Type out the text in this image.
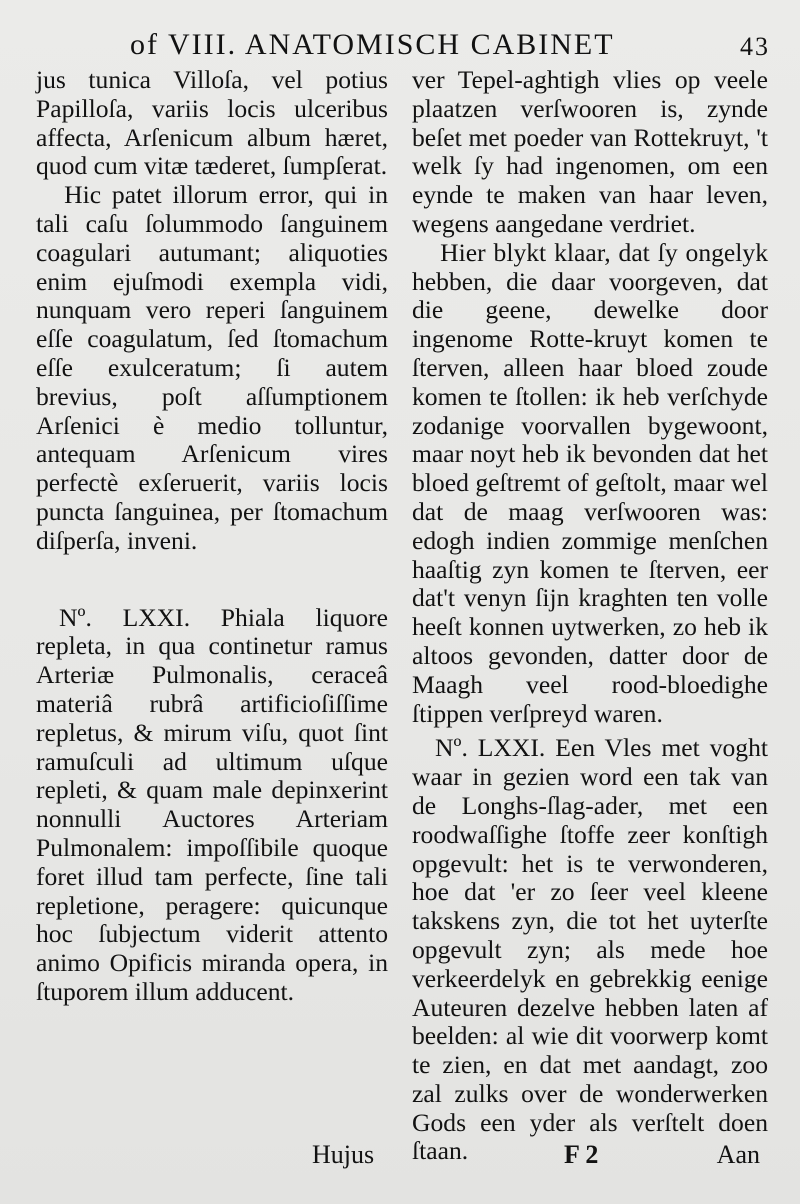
of VIII. ANATOMISCH CABINET	43

jus tunica Villoſa, vel potius Papilloſa, variis locis ulceribus affecta, Arſenicum album hæret, quod cum vitæ tæderet, ſumpſerat.

Hic patet illorum error, qui in tali caſu ſolummodo ſanguinem coagulari autumant; aliquoties enim ejuſmodi exempla vidi, nunquam vero reperi ſanguinem eſſe coagulatum, ſed ſtomachum eſſe exulceratum; ſi autem brevius, poſt aſſumptionem Arſenici è medio tolluntur, antequam Arſenicum vires perfectè exſeruerit, variis locis puncta ſanguinea, per ſtomachum diſperſa, inveni.

Nº. LXXI. Phiala liquore repleta, in qua continetur ramus Arteriæ Pulmonalis, ceraceâ materiâ rubrâ artificioſiſſime repletus, & mirum viſu, quot ſint ramuſculi ad ultimum uſque repleti, & quam male depinxerint nonnulli Auctores Arteriam Pulmonalem: impoſſibile quoque foret illud tam perfecte, ſine tali repletione, peragere: quicunque hoc ſubjectum viderit attento animo Opificis miranda opera, in ſtuporem illum adducent.

ver Tepel-aghtigh vlies op veele plaatzen verſwooren is, zynde beſet met poeder van Rottekruyt, 't welk ſy had ingenomen, om een eynde te maken van haar leven, wegens aangedane verdriet.

Hier blykt klaar, dat ſy ongelyk hebben, die daar voorgeven, dat die geene, dewelke door ingenome Rotte-kruyt komen te ſterven, alleen haar bloed zoude komen te ſtollen: ik heb verſchyde zodanige voorvallen bygewoont, maar noyt heb ik bevonden dat het bloed geſtremt of geſtolt, maar wel dat de maag verſwooren was: edogh indien zommige menſchen haaſtig zyn komen te ſterven, eer dat't venyn ſijn kraghten ten volle heeſt konnen uytwerken, zo heb ik altoos gevonden, datter door de Maagh veel rood-bloedighe ſtippen verſpreyd waren.

Nº. LXXI. Een Vles met voght waar in gezien word een tak van de Longhs-ſlag-ader, met een roodwaſſighe ſtoffe zeer konſtigh opgevult: het is te verwonderen, hoe dat 'er zo ſeer veel kleene takskens zyn, die tot het uyterſte opgevult zyn; als mede hoe verkeerdelyk en gebrekkig eenige Auteuren dezelve hebben laten af beelden: al wie dit voorwerp komt te zien, en dat met aandagt, zoo zal zulks over de wonderwerken Gods een yder als verſtelt doen ſtaan.

Hujus	F 2	Aan
